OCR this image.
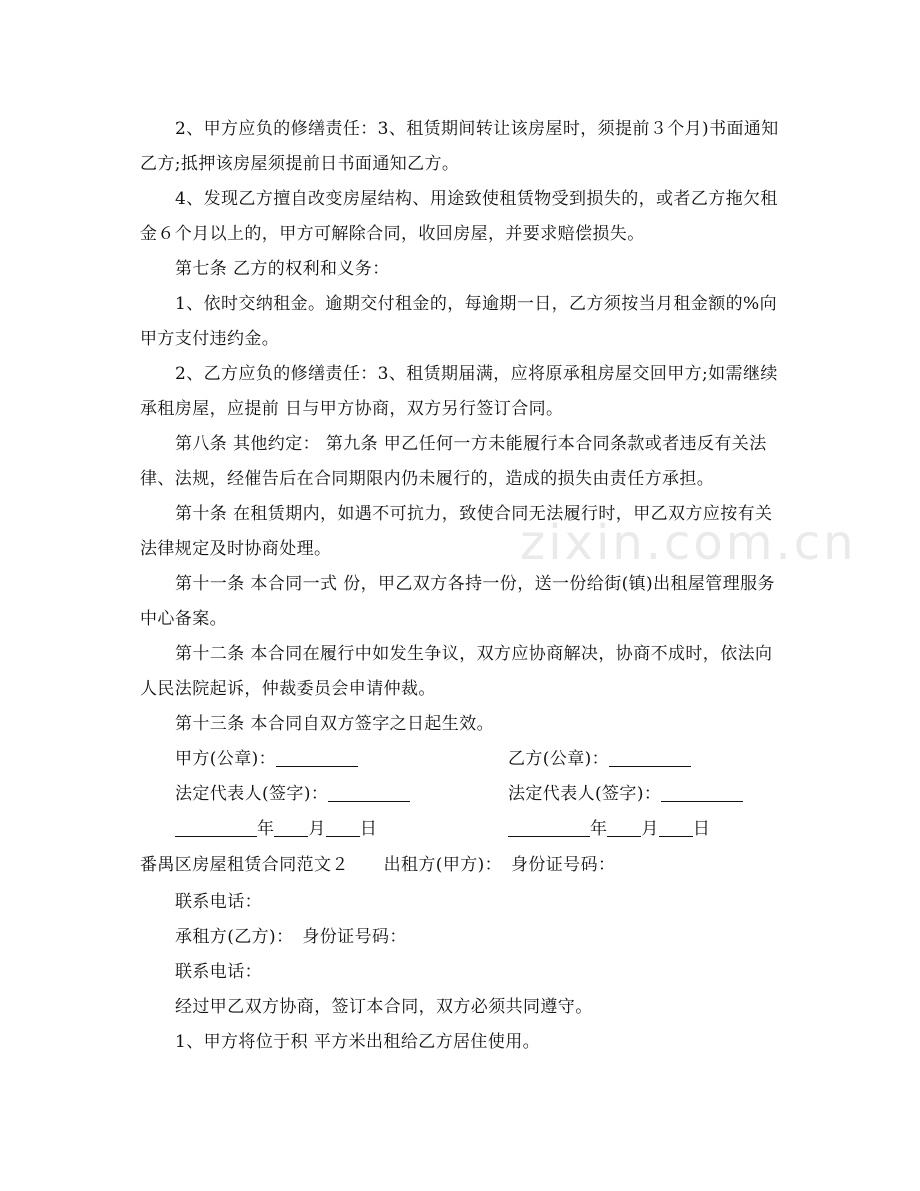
2、甲方应负的修缮责任：3、租赁期间转让该房屋时，须提前３个月)书面通知乙方;抵押该房屋须提前日书面通知乙方。
4、发现乙方擅自改变房屋结构、用途致使租赁物受到损失的，或者乙方拖欠租金６个月以上的，甲方可解除合同，收回房屋，并要求赔偿损失。
第七条 乙方的权利和义务：
1、依时交纳租金。逾期交付租金的，每逾期一日，乙方须按当月租金额的%向甲方支付违约金。
2、乙方应负的修缮责任：3、租赁期届满，应将原承租房屋交回甲方;如需继续承租房屋，应提前 日与甲方协商，双方另行签订合同。
第八条 其他约定： 第九条 甲乙任何一方未能履行本合同条款或者违反有关法律、法规，经催告后在合同期限内仍未履行的，造成的损失由责任方承担。
第十条 在租赁期内，如遇不可抗力，致使合同无法履行时，甲乙双方应按有关法律规定及时协商处理。
第十一条 本合同一式 份，甲乙双方各持一份，送一份给街(镇)出租屋管理服务中心备案。
第十二条 本合同在履行中如发生争议，双方应协商解决，协商不成时，依法向人民法院起诉，仲裁委员会申请仲裁。
第十三条 本合同自双方签字之日起生效。
甲方(公章)：	乙方(公章)：
法定代表人(签字)：	法定代表人(签字)：
年 月 日	年 月 日
番禺区房屋租赁合同范文２　　出租方(甲方)：　身份证号码：
联系电话：
承租方(乙方)：　身份证号码：
联系电话：
经过甲乙双方协商，签订本合同，双方必须共同遵守。
1、甲方将位于积 平方米出租给乙方居住使用。
zixin.com.cn
